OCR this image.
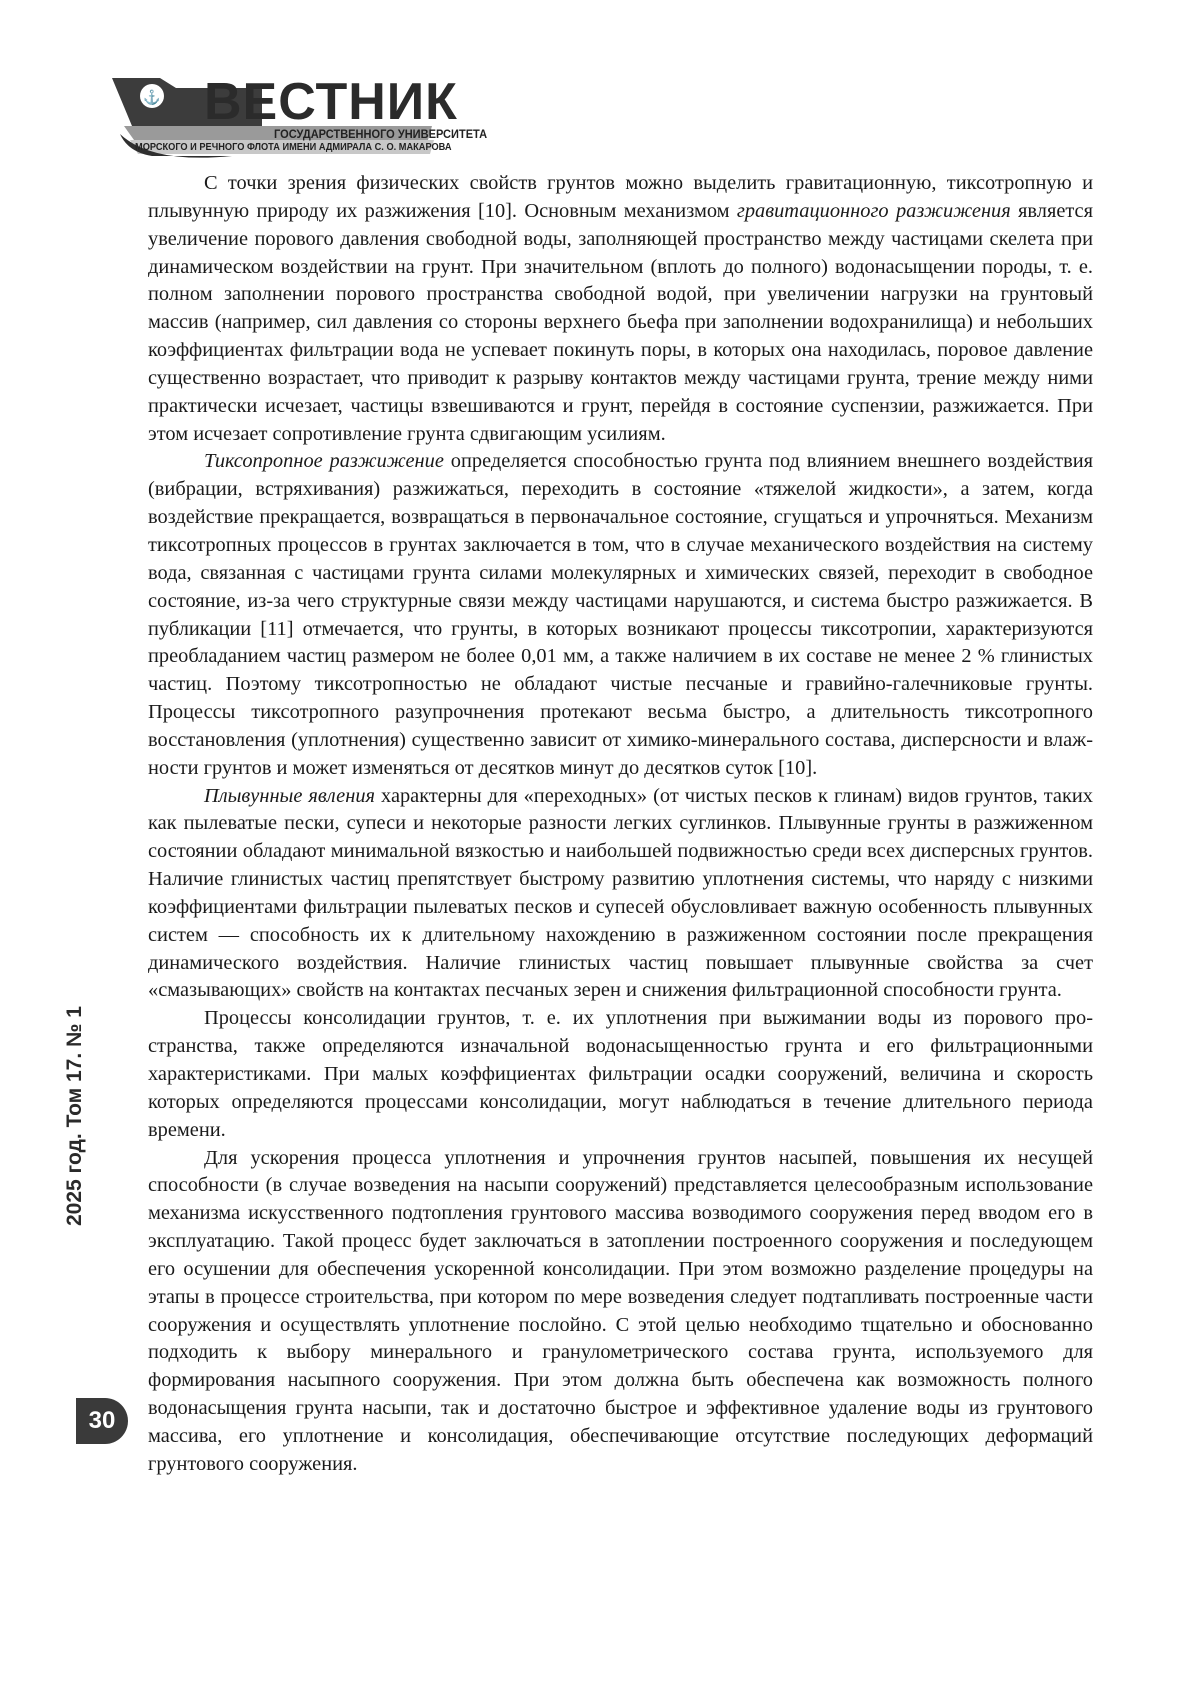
⚓ ВЕСТНИК
ГОСУДАРСТВЕННОГО УНИВЕРСИТЕТА
МОРСКОГО И РЕЧНОГО ФЛОТА ИМЕНИ АДМИРАЛА С. О. МАКАРОВА
2025 год. Том 17. № 1
30

С точки зрения физических свойств грунтов можно выделить гравитационную, тиксотропную и плывунную природу их разжижения [10]. Основным механизмом гравитационного разжижения является увеличение порового давления свободной воды, заполняющей пространство между частицами скелета при динамическом воздействии на грунт. При значительном (вплоть до полного) водонасыщении породы, т. е. полном заполнении порового пространства свободной водой, при увеличении нагрузки на грунтовый массив (например, сил давления со стороны верхнего бьефа при заполнении водохранилища) и небольших коэффициентах фильтрации вода не успевает покинуть поры, в которых она находилась, поровое давление существенно возрастает, что приводит к разрыву контактов между частицами грунта, трение между ними практически исчезает, частицы взвешиваются и грунт, перейдя в состояние суспензии, разжижается. При этом исчезает сопротивление грунта сдвигающим усилиям.

Тиксопропное разжижение определяется способностью грунта под влиянием внешнего воздействия (вибрации, встряхивания) разжижаться, переходить в состояние «тяжелой жидкости», а затем, когда воздействие прекращается, возвращаться в первоначальное состояние, сгущаться и упрочняться. Механизм тиксотропных процессов в грунтах заключается в том, что в случае механического воздействия на систему вода, связанная с частицами грунта силами молекулярных и химических связей, переходит в свободное состояние, из-за чего структурные связи между частицами нарушаются, и система быстро разжижается. В публикации [11] отмечается, что грунты, в которых возникают процессы тиксотропии, характеризуются преобладанием частиц размером не более 0,01 мм, а также наличием в их составе не менее 2 % глинистых частиц. Поэтому тиксотропностью не обладают чистые песчаные и гравийно-галечниковые грунты. Процессы тиксотропного разупрочнения протекают весьма быстро, а длительность тиксотропного восстановления (уплотнения) существенно зависит от химико-минерального состава, дисперсности и влажности грунтов и может изменяться от десятков минут до десятков суток [10].

Плывунные явления характерны для «переходных» (от чистых песков к глинам) видов грунтов, таких как пылеватые пески, супеси и некоторые разности легких суглинков. Плывунные грунты в разжиженном состоянии обладают минимальной вязкостью и наибольшей подвижностью среди всех дисперсных грунтов. Наличие глинистых частиц препятствует быстрому развитию уплотнения системы, что наряду с низкими коэффициентами фильтрации пылеватых песков и супесей обусловливает важную особенность плывунных систем — способность их к длительному нахождению в разжиженном состоянии после прекращения динамического воздействия. Наличие глинистых частиц повышает плывунные свойства за счет «смазывающих» свойств на контактах песчаных зерен и снижения фильтрационной способности грунта.

Процессы консолидации грунтов, т. е. их уплотнения при выжимании воды из порового пространства, также определяются изначальной водонасыщенностью грунта и его фильтрационными характеристиками. При малых коэффициентах фильтрации осадки сооружений, величина и скорость которых определяются процессами консолидации, могут наблюдаться в течение длительного периода времени.

Для ускорения процесса уплотнения и упрочнения грунтов насыпей, повышения их несущей способности (в случае возведения на насыпи сооружений) представляется целесообразным использование механизма искусственного подтопления грунтового массива возводимого сооружения перед вводом его в эксплуатацию. Такой процесс будет заключаться в затоплении построенного сооружения и последующем его осушении для обеспечения ускоренной консолидации. При этом возможно разделение процедуры на этапы в процессе строительства, при котором по мере возведения следует подтапливать построенные части сооружения и осуществлять уплотнение послойно. С этой целью необходимо тщательно и обоснованно подходить к выбору минерального и гранулометрического состава грунта, используемого для формирования насыпного сооружения. При этом должна быть обеспечена как возможность полного водонасыщения грунта насыпи, так и достаточно быстрое и эффективное удаление воды из грунтового массива, его уплотнение и консолидация, обеспечивающие отсутствие последующих деформаций грунтового сооружения.
